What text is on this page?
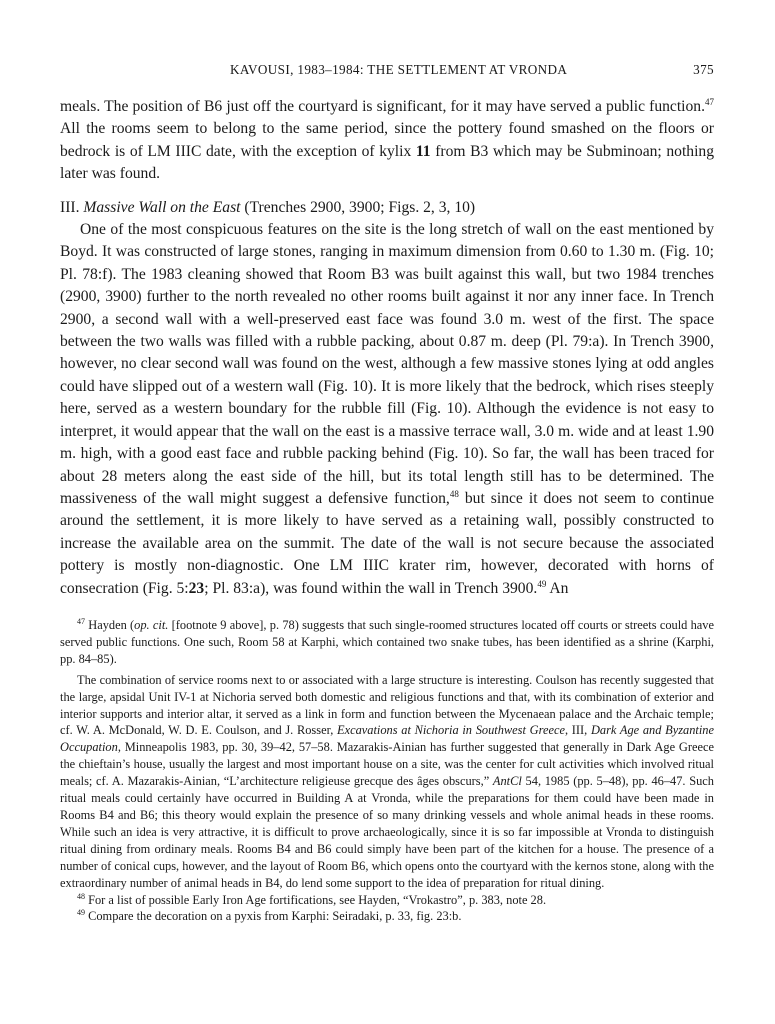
KAVOUSI, 1983–1984: THE SETTLEMENT AT VRONDA	375

meals. The position of B6 just off the courtyard is significant, for it may have served a public function.$^{47}$ All the rooms seem to belong to the same period, since the pottery found smashed on the floors or bedrock is of LM IIIC date, with the exception of kylix 11 from B3 which may be Subminoan; nothing later was found.

III. Massive Wall on the East (Trenches 2900, 3900; Figs. 2, 3, 10)

One of the most conspicuous features on the site is the long stretch of wall on the east mentioned by Boyd. It was constructed of large stones, ranging in maximum dimension from 0.60 to 1.30 m. (Fig. 10; Pl. 78:f). The 1983 cleaning showed that Room B3 was built against this wall, but two 1984 trenches (2900, 3900) further to the north revealed no other rooms built against it nor any inner face. In Trench 2900, a second wall with a well-preserved east face was found 3.0 m. west of the first. The space between the two walls was filled with a rubble packing, about 0.87 m. deep (Pl. 79:a). In Trench 3900, however, no clear second wall was found on the west, although a few massive stones lying at odd angles could have slipped out of a western wall (Fig. 10). It is more likely that the bedrock, which rises steeply here, served as a western boundary for the rubble fill (Fig. 10). Although the evidence is not easy to interpret, it would appear that the wall on the east is a massive terrace wall, 3.0 m. wide and at least 1.90 m. high, with a good east face and rubble packing behind (Fig. 10). So far, the wall has been traced for about 28 meters along the east side of the hill, but its total length still has to be determined. The massiveness of the wall might suggest a defensive function,$^{48}$ but since it does not seem to continue around the settlement, it is more likely to have served as a retaining wall, possibly constructed to increase the available area on the summit. The date of the wall is not secure because the associated pottery is mostly non-diagnostic. One LM IIIC krater rim, however, decorated with horns of consecration (Fig. 5:23; Pl. 83:a), was found within the wall in Trench 3900.49 An

$^{47}$ Hayden (op. cit. [footnote 9 above], p. 78) suggests that such single-roomed structures located off courts or streets could have served public functions. One such, Room 58 at Karphi, which contained two snake tubes, has been identified as a shrine (Karphi, pp. 84–85).

The combination of service rooms next to or associated with a large structure is interesting. Coulson has recently suggested that the large, apsidal Unit IV-1 at Nichoria served both domestic and religious functions and that, with its combination of exterior and interior supports and interior altar, it served as a link in form and function between the Mycenaean palace and the Archaic temple; cf. W. A. McDonald, W. D. E. Coulson, and J. Rosser, Excavations at Nichoria in Southwest Greece, III, Dark Age and Byzantine Occupation, Minneapolis 1983, pp. 30, 39–42, 57–58. Mazarakis-Ainian has further suggested that generally in Dark Age Greece the chieftain’s house, usually the largest and most important house on a site, was the center for cult activities which involved ritual meals; cf. A. Mazarakis-Ainian, “L’architecture religieuse grecque des âges obscurs,” AntCl 54, 1985 (pp. 5–48), pp. 46–47. Such ritual meals could certainly have occurred in Building A at Vronda, while the preparations for them could have been made in Rooms B4 and B6; this theory would explain the presence of so many drinking vessels and whole animal heads in these rooms. While such an idea is very attractive, it is difficult to prove archaeologically, since it is so far impossible at Vronda to distinguish ritual dining from ordinary meals. Rooms B4 and B6 could simply have been part of the kitchen for a house. The presence of a number of conical cups, however, and the layout of Room B6, which opens onto the courtyard with the kernos stone, along with the extraordinary number of animal heads in B4, do lend some support to the idea of preparation for ritual dining.

$^{48}$ For a list of possible Early Iron Age fortifications, see Hayden, “Vrokastro”, p. 383, note 28.

$^{49}$ Compare the decoration on a pyxis from Karphi: Seiradaki, p. 33, fig. 23:b.
